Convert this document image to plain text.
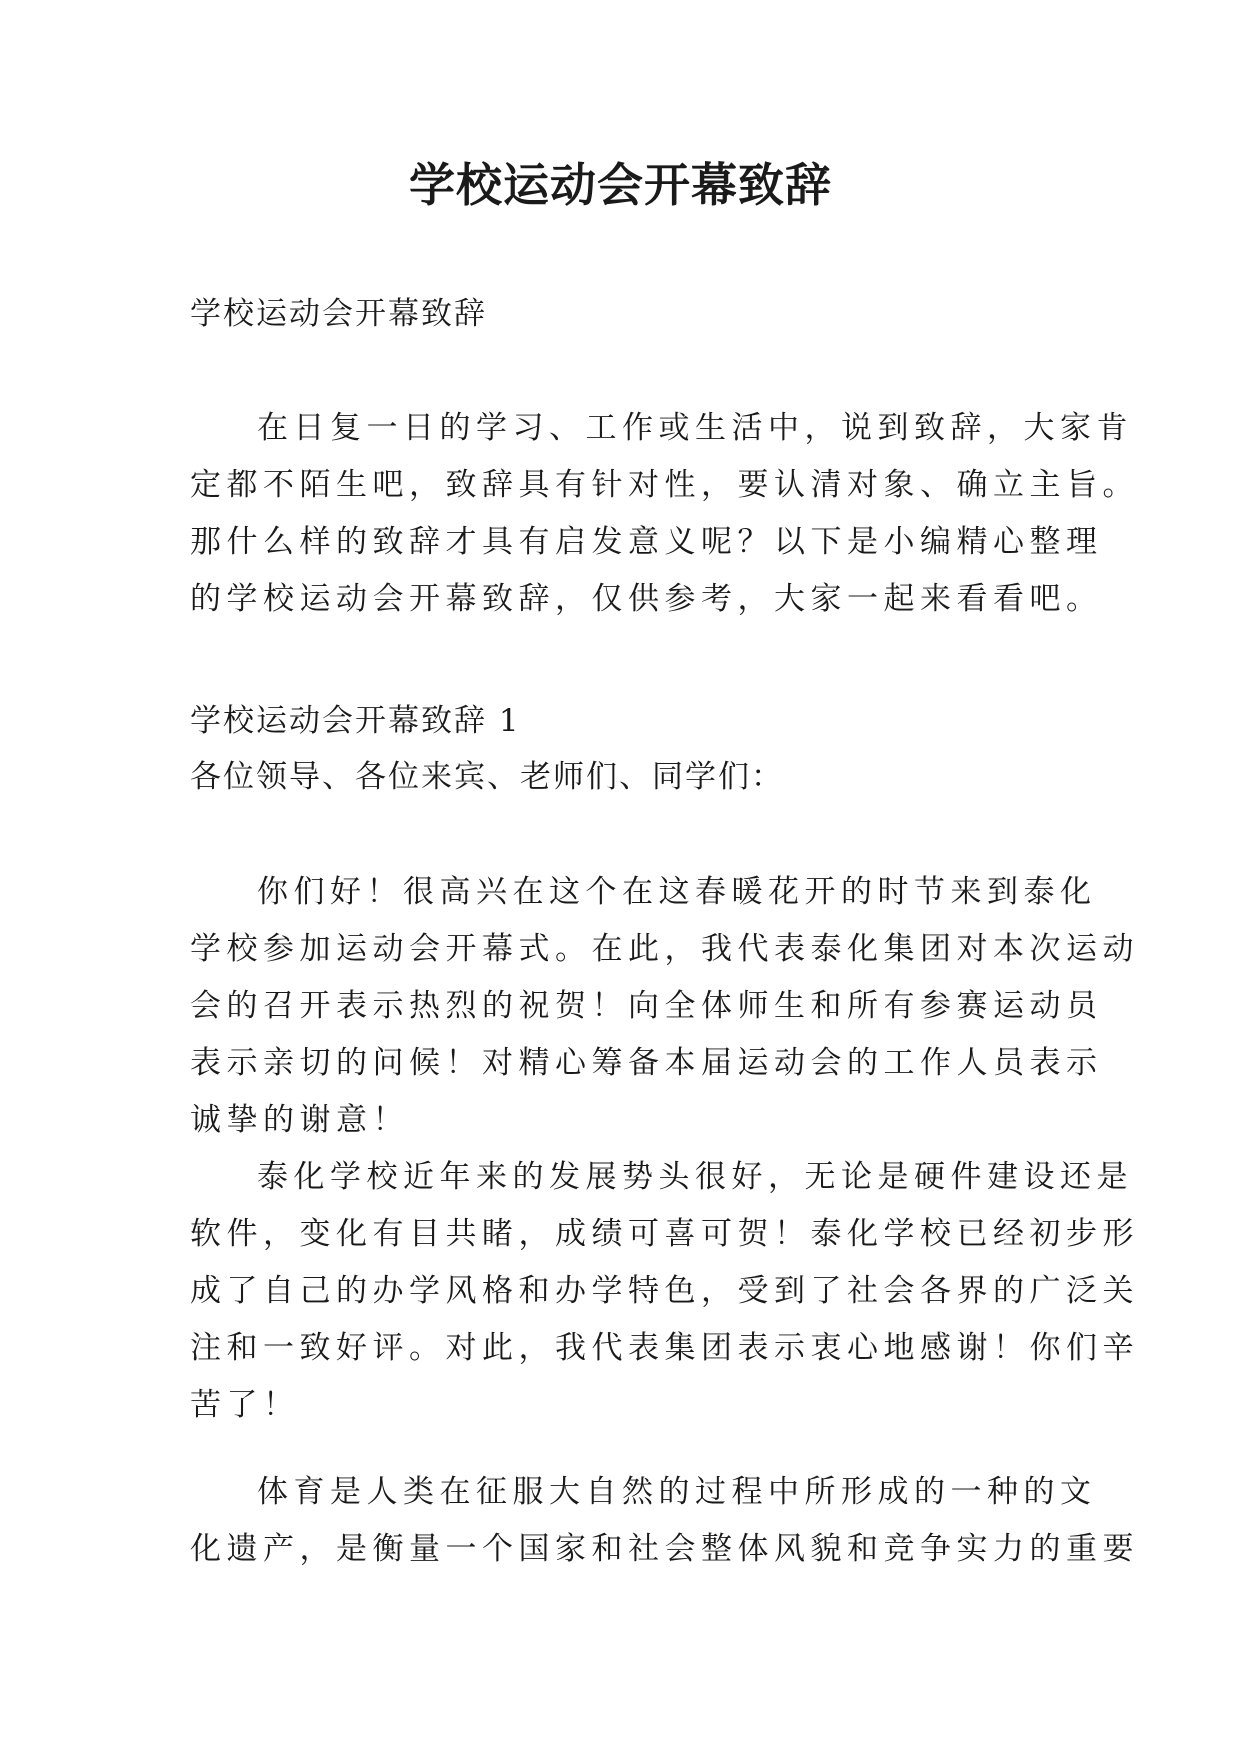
学校运动会开幕致辞

学校运动会开幕致辞

在日复一日的学习、工作或生活中，说到致辞，大家肯

定都不陌生吧，致辞具有针对性，要认清对象、确立主旨。

那什么样的致辞才具有启发意义呢？以下是小编精心整理

的学校运动会开幕致辞，仅供参考，大家一起来看看吧。

学校运动会开幕致辞 1

各位领导、各位来宾、老师们、同学们：

你们好！很高兴在这个在这春暖花开的时节来到泰化

学校参加运动会开幕式。在此，我代表泰化集团对本次运动

会的召开表示热烈的祝贺！向全体师生和所有参赛运动员

表示亲切的问候！对精心筹备本届运动会的工作人员表示

诚挚的谢意！

泰化学校近年来的发展势头很好，无论是硬件建设还是

软件，变化有目共睹，成绩可喜可贺！泰化学校已经初步形

成了自己的办学风格和办学特色，受到了社会各界的广泛关

注和一致好评。对此，我代表集团表示衷心地感谢！你们辛

苦了！

体育是人类在征服大自然的过程中所形成的一种的文

化遗产，是衡量一个国家和社会整体风貌和竞争实力的重要
